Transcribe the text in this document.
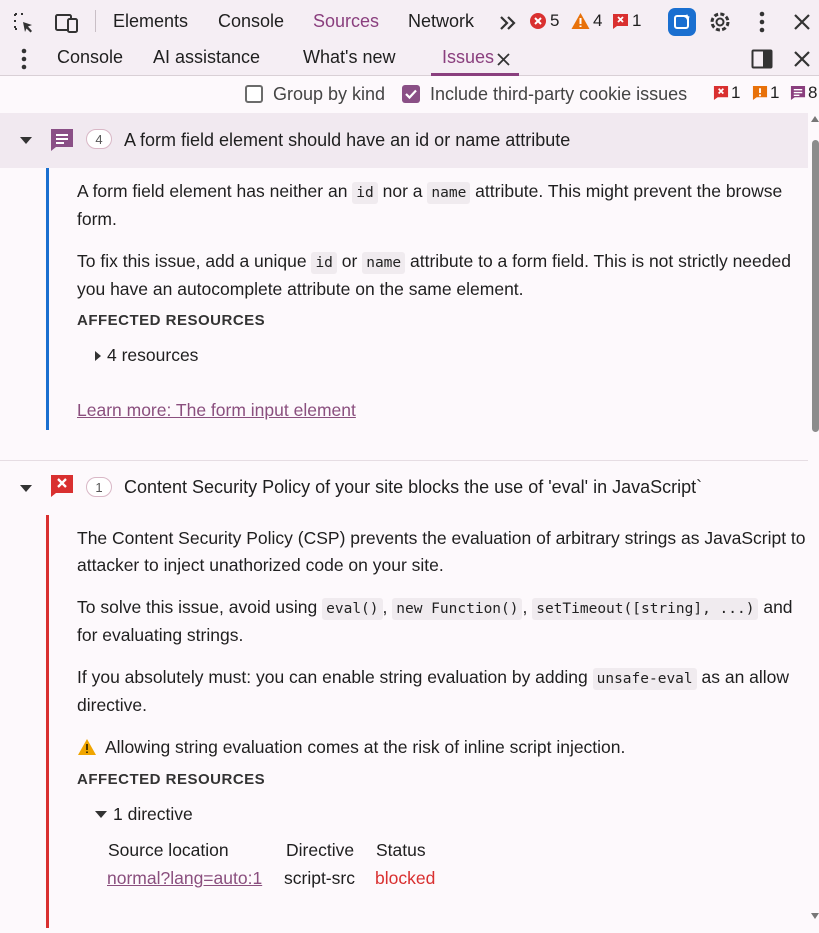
Elements Console Sources Network	5 4 1
Console AI assistance What's new	Issues
Group by kind Include third-party cookie issues	1 1 8
4	A form field element should have an id or name attribute
A form field element has neither an id nor a name attribute. This might prevent the browse
form.
To fix this issue, add a unique id or name attribute to a form field. This is not strictly needed
you have an autocomplete attribute on the same element.
AFFECTED RESOURCES
4 resources
Learn more: The form input element
1	Content Security Policy of your site blocks the use of 'eval' in JavaScript`
The Content Security Policy (CSP) prevents the evaluation of arbitrary strings as JavaScript to
attacker to inject unathorized code on your site.
To solve this issue, avoid using eval() , new Function() , setTimeout([string], ...) and
for evaluating strings.
If you absolutely must: you can enable string evaluation by adding unsafe-eval as an allow
directive.
Allowing string evaluation comes at the risk of inline script injection.
AFFECTED RESOURCES
1 directive
Source location	Directive Status
normal?lang=auto:1 script-src blocked
